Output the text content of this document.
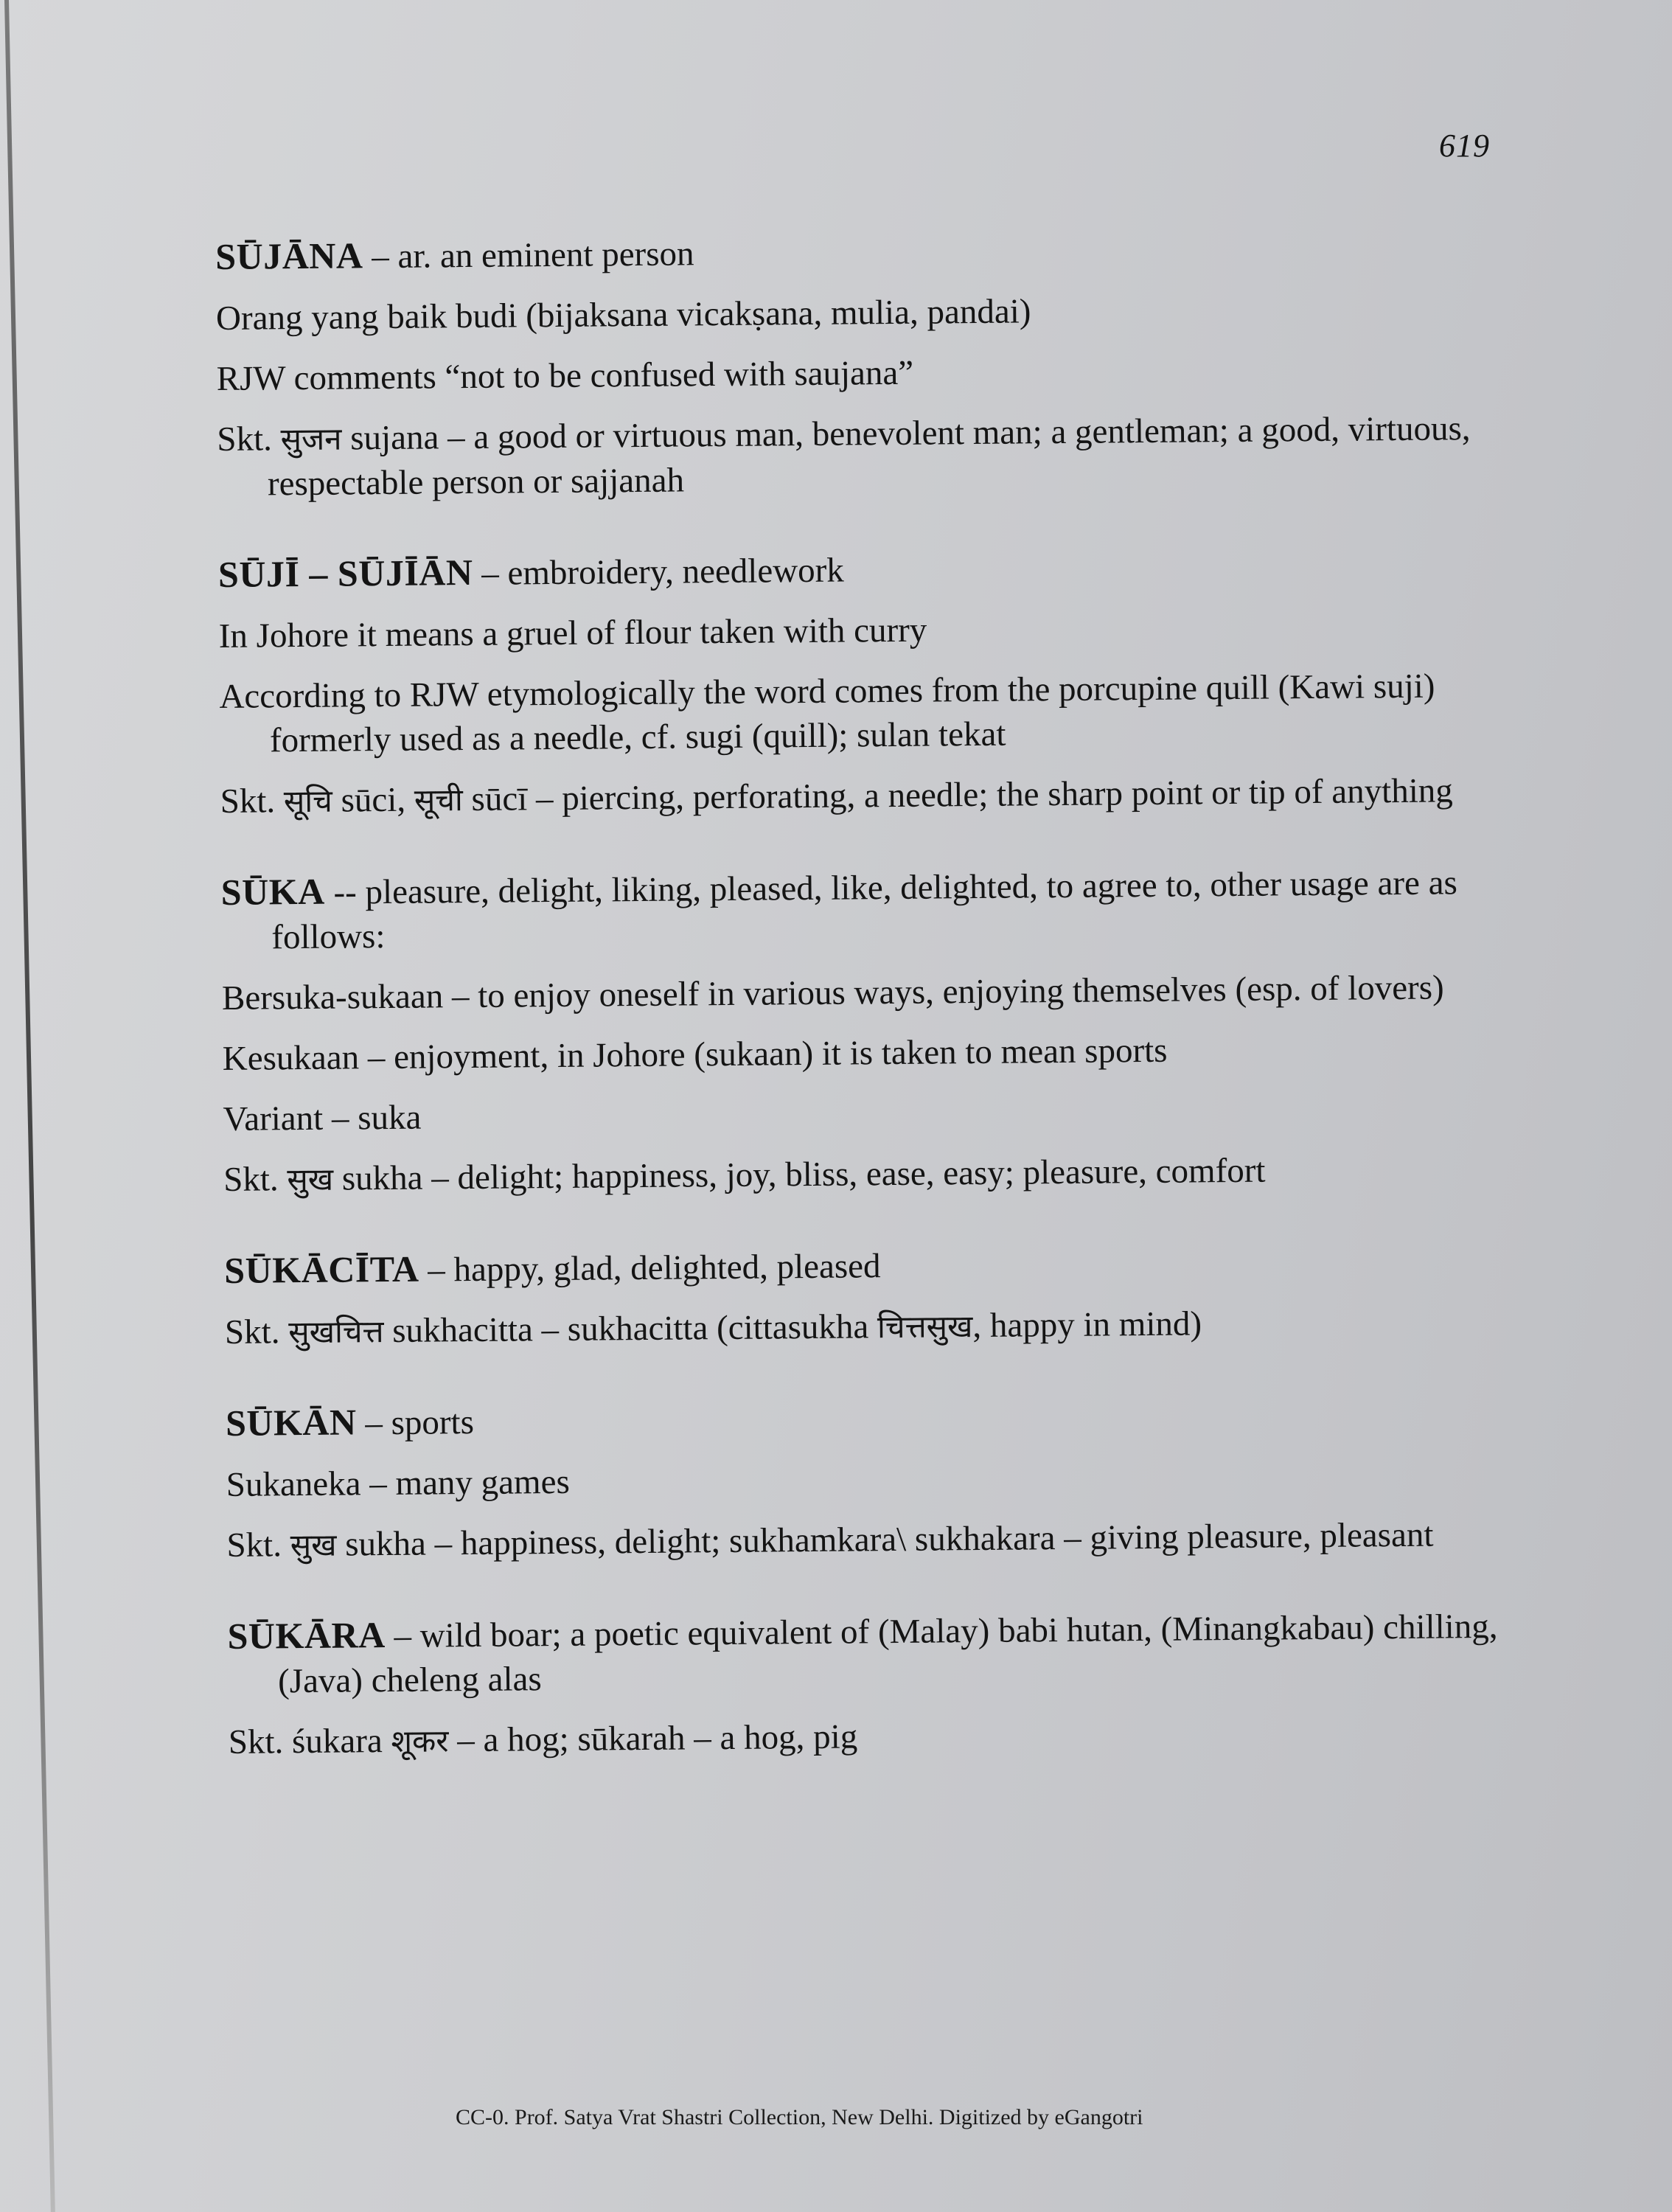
619
SŪJĀNA – ar. an eminent person
Orang yang baik budi (bijaksana vicakṣana, mulia, pandai)
RJW comments “not to be confused with saujana”
Skt. सुजन sujana – a good or virtuous man, benevolent man; a gentleman; a good, virtuous, respectable person or sajjanah
SŪJĪ – SŪJĪĀN – embroidery, needlework
In Johore it means a gruel of flour taken with curry
According to RJW etymologically the word comes from the porcupine quill (Kawi suji) formerly used as a needle, cf. sugi (quill); sulan tekat
Skt. सूचि sūci, सूची sūcī – piercing, perforating, a needle; the sharp point or tip of anything
SŪKA -- pleasure, delight, liking, pleased, like, delighted, to agree to, other usage are as follows:
Bersuka-sukaan – to enjoy oneself in various ways, enjoying themselves (esp. of lovers)
Kesukaan – enjoyment, in Johore (sukaan) it is taken to mean sports
Variant – suka
Skt. सुख sukha – delight; happiness, joy, bliss, ease, easy; pleasure, comfort
SŪKĀCĪTA – happy, glad, delighted, pleased
Skt. सुखचित्त sukhacitta – sukhacitta (cittasukha चित्तसुख, happy in mind)
SŪKĀN – sports
Sukaneka – many games
Skt. सुख sukha – happiness, delight; sukhamkara\ sukhakara – giving pleasure, pleasant
SŪKĀRA – wild boar; a poetic equivalent of (Malay) babi hutan, (Minangkabau) chilling, (Java) cheleng alas
Skt. śukara शूकर – a hog; sūkarah – a hog, pig
CC-0. Prof. Satya Vrat Shastri Collection, New Delhi. Digitized by eGangotri
